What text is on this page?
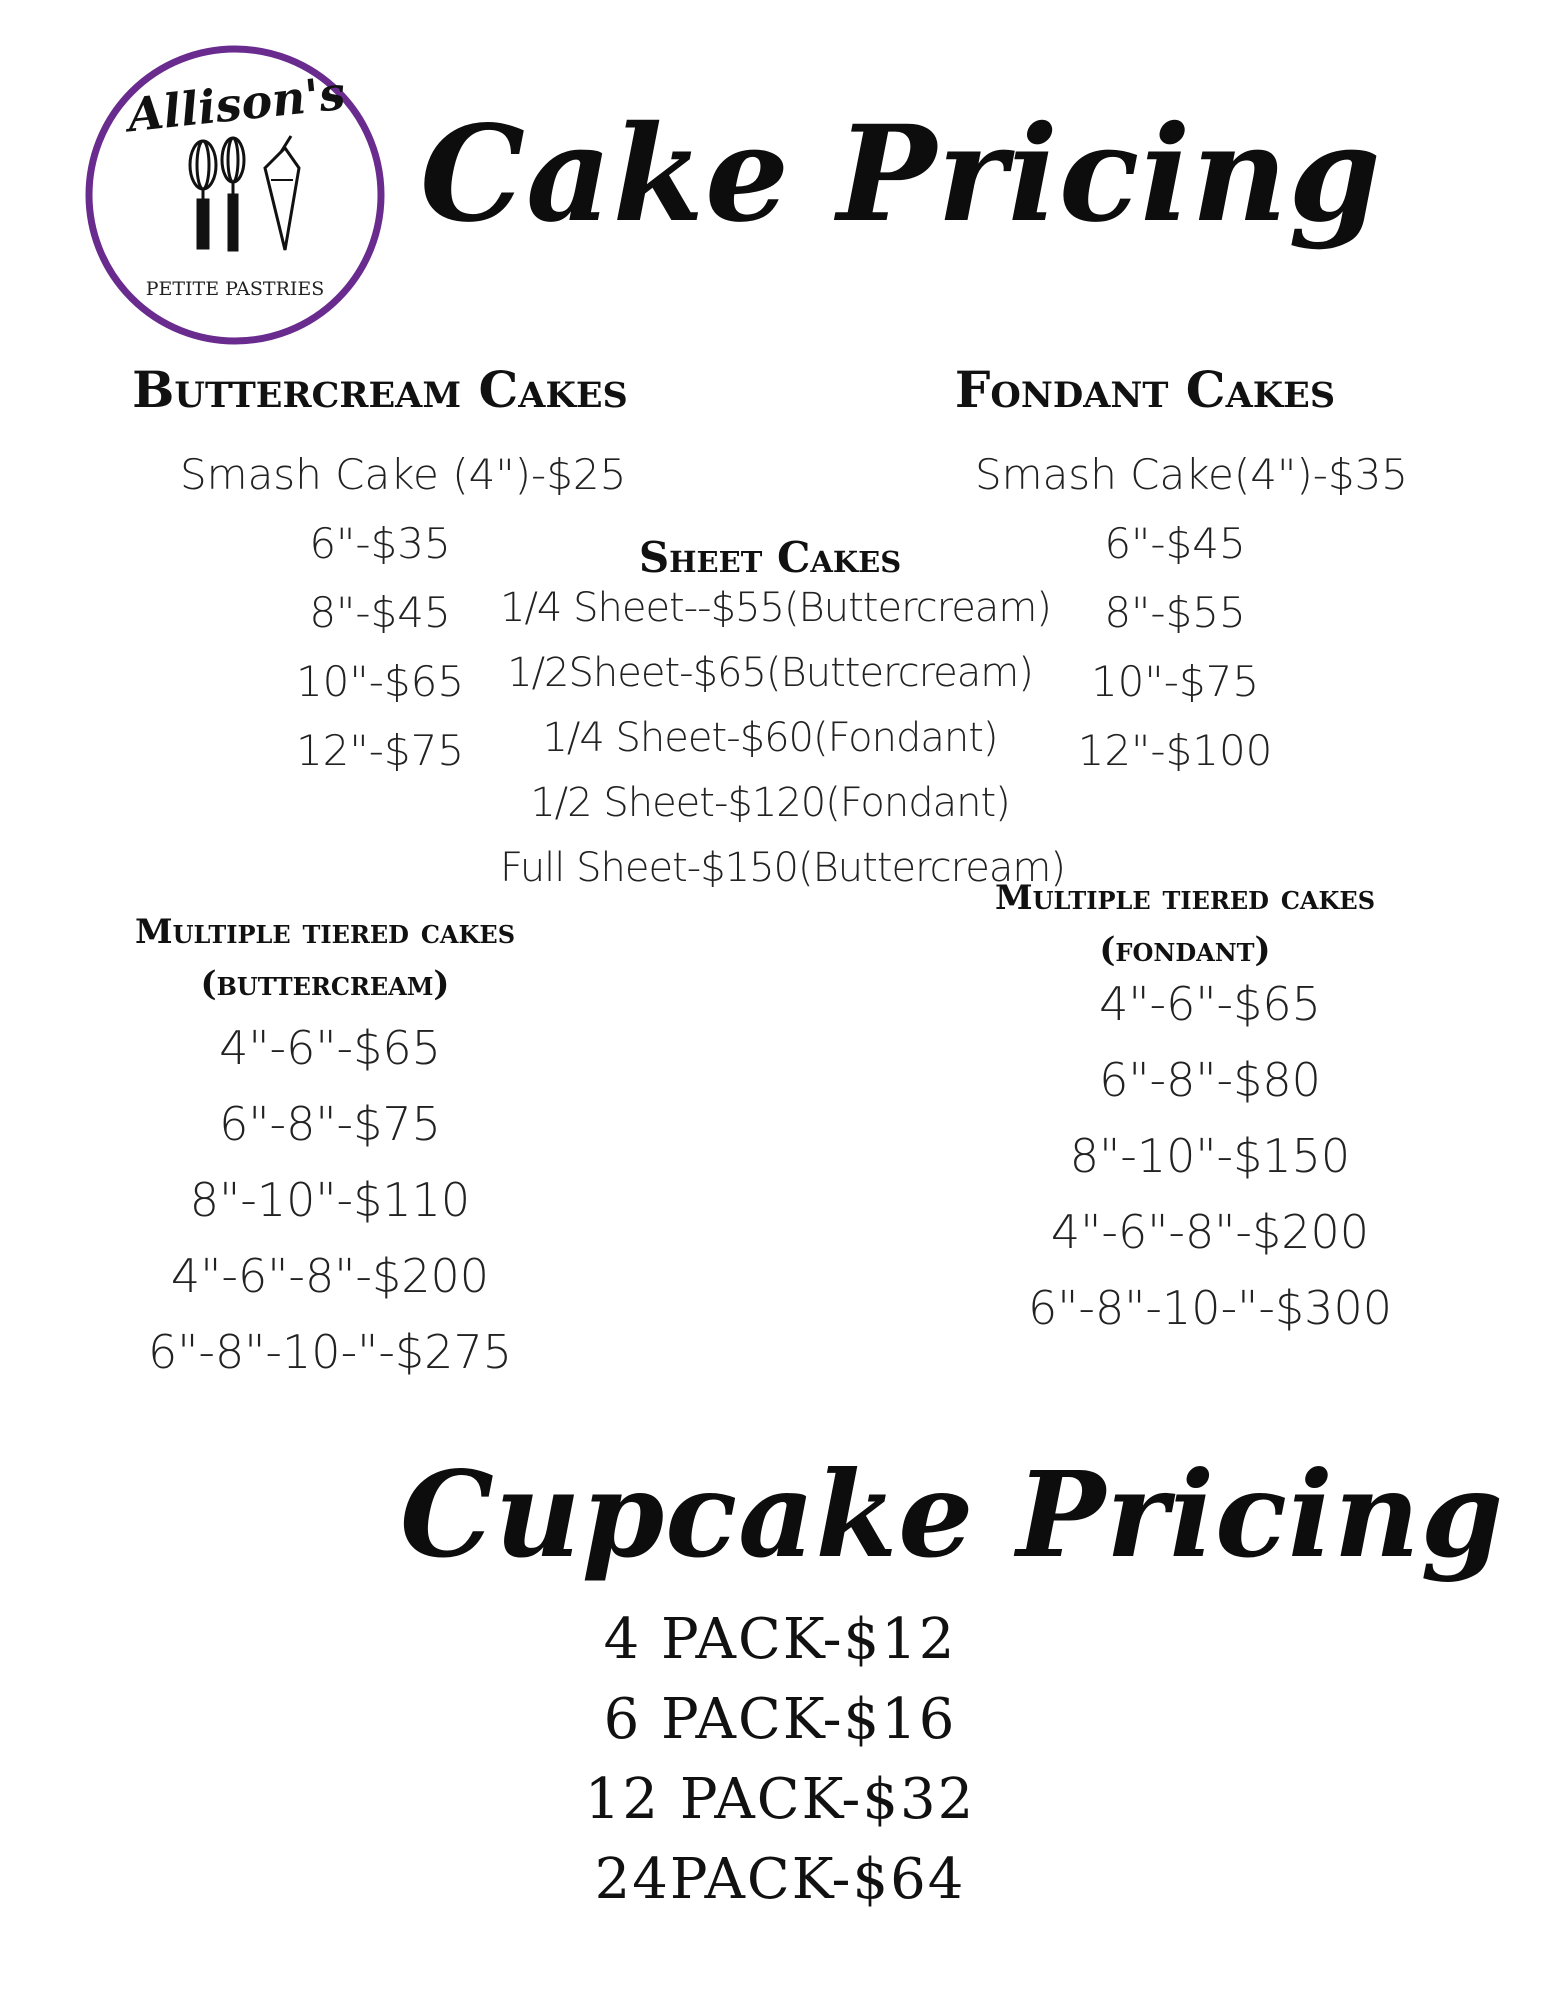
Allison's
PETITE PASTRIES
Cake Pricing
Buttercream Cakes
Smash Cake (4")-$25
6"-$35
8"-$45
10"-$65
12"-$75
Fondant Cakes
Smash Cake(4")-$35
6"-$45
8"-$55
10"-$75
12"-$100
Sheet Cakes
1/4 Sheet--$55(Buttercream)
1/2Sheet-$65(Buttercream)
1/4 Sheet-$60(Fondant)
1/2 Sheet-$120(Fondant)
Full Sheet-$150(Buttercream)
Multiple tiered cakes
(buttercream)
4"-6"-$65
6"-8"-$75
8"-10"-$110
4"-6"-8"-$200
6"-8"-10-"-$275
Multiple tiered cakes
(fondant)
4"-6"-$65
6"-8"-$80
8"-10"-$150
4"-6"-8"-$200
6"-8"-10-"-$300
Cupcake Pricing
4 PACK-$12
6 PACK-$16
12 PACK-$32
24PACK-$64
